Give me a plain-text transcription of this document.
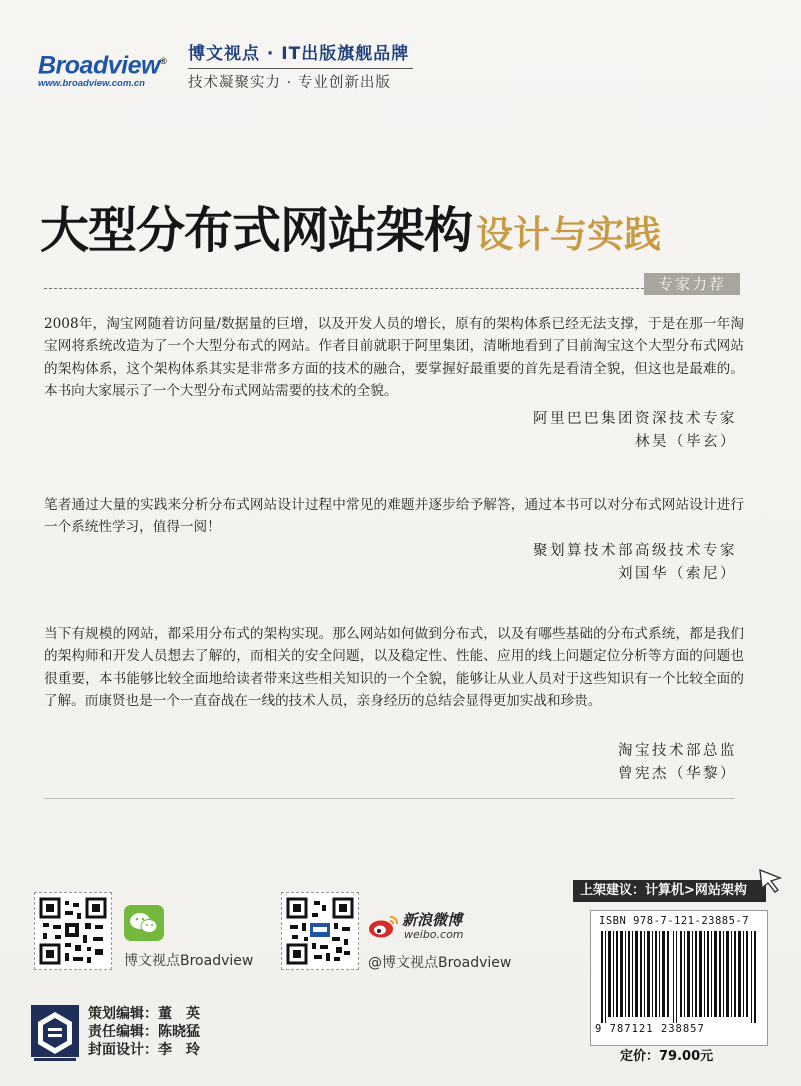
Broadview®
www.broadview.com.cn
博文视点 · IT出版旗舰品牌
技术凝聚实力 · 专业创新出版
大型分布式网站架构 设计与实践
专家力荐
2008年，淘宝网随着访问量/数据量的巨增，以及开发人员的增长，原有的架构体系已经无法支撑，于是在那一年淘宝网将系统改造为了一个大型分布式的网站。作者目前就职于阿里集团，清晰地看到了目前淘宝这个大型分布式网站的架构体系，这个架构体系其实是非常多方面的技术的融合，要掌握好最重要的首先是看清全貌，但这也是最难的。本书向大家展示了一个大型分布式网站需要的技术的全貌。
阿里巴巴集团资深技术专家
林昊（毕玄）
笔者通过大量的实践来分析分布式网站设计过程中常见的难题并逐步给予解答，通过本书可以对分布式网站设计进行一个系统性学习，值得一阅！
聚划算技术部高级技术专家
刘国华（索尼）
当下有规模的网站，都采用分布式的架构实现。那么网站如何做到分布式，以及有哪些基础的分布式系统，都是我们的架构师和开发人员想去了解的，而相关的安全问题，以及稳定性、性能、应用的线上问题定位分析等方面的问题也很重要，本书能够比较全面地给读者带来这些相关知识的一个全貌，能够让从业人员对于这些知识有一个比较全面的了解。而康贤也是一个一直奋战在一线的技术人员，亲身经历的总结会显得更加实战和珍贵。
淘宝技术部总监
曾宪杰（华黎）
博文视点Broadview
新浪微博
weibo.com
@博文视点Broadview
策划编辑：董　英
责任编辑：陈晓猛
封面设计：李　玲
上架建议：计算机>网站架构
ISBN 978-7-121-23885-7
9 787121 238857
定价：79.00元
